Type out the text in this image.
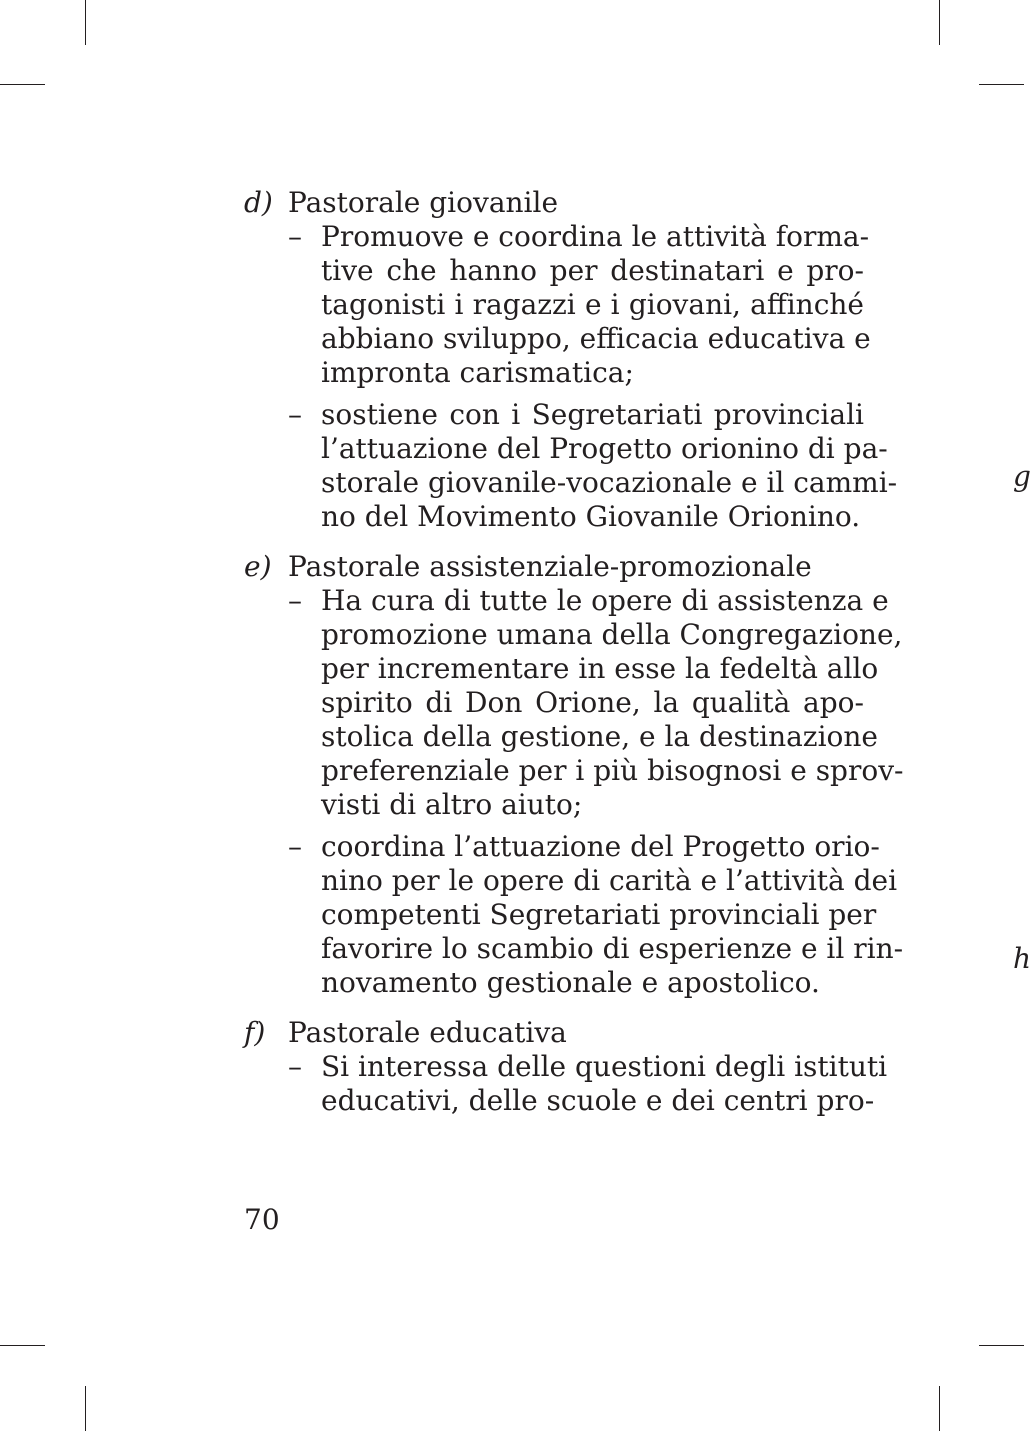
g
h
d) Pastorale giovanile
– Promuove e coordina le attività forma-
tive che hanno per destinatari e pro-
tagonisti i ragazzi e i giovani, affinché
abbiano sviluppo, efficacia educativa e
impronta carismatica;
– sostiene con i Segretariati provinciali
l’attuazione del Progetto orionino di pa-
storale giovanile-vocazionale e il cammi-
no del Movimento Giovanile Orionino.
e) Pastorale assistenziale-promozionale
– Ha cura di tutte le opere di assistenza e
promozione umana della Congregazione,
per incrementare in esse la fedeltà allo
spirito di Don Orione, la qualità apo-
stolica della gestione, e la destinazione
preferenziale per i più bisognosi e sprov-
visti di altro aiuto;
– coordina l’attuazione del Progetto orio-
nino per le opere di carità e l’attività dei
competenti Segretariati provinciali per
favorire lo scambio di esperienze e il rin-
novamento gestionale e apostolico.
f) Pastorale educativa
– Si interessa delle questioni degli istituti
educativi, delle scuole e dei centri pro-
70
